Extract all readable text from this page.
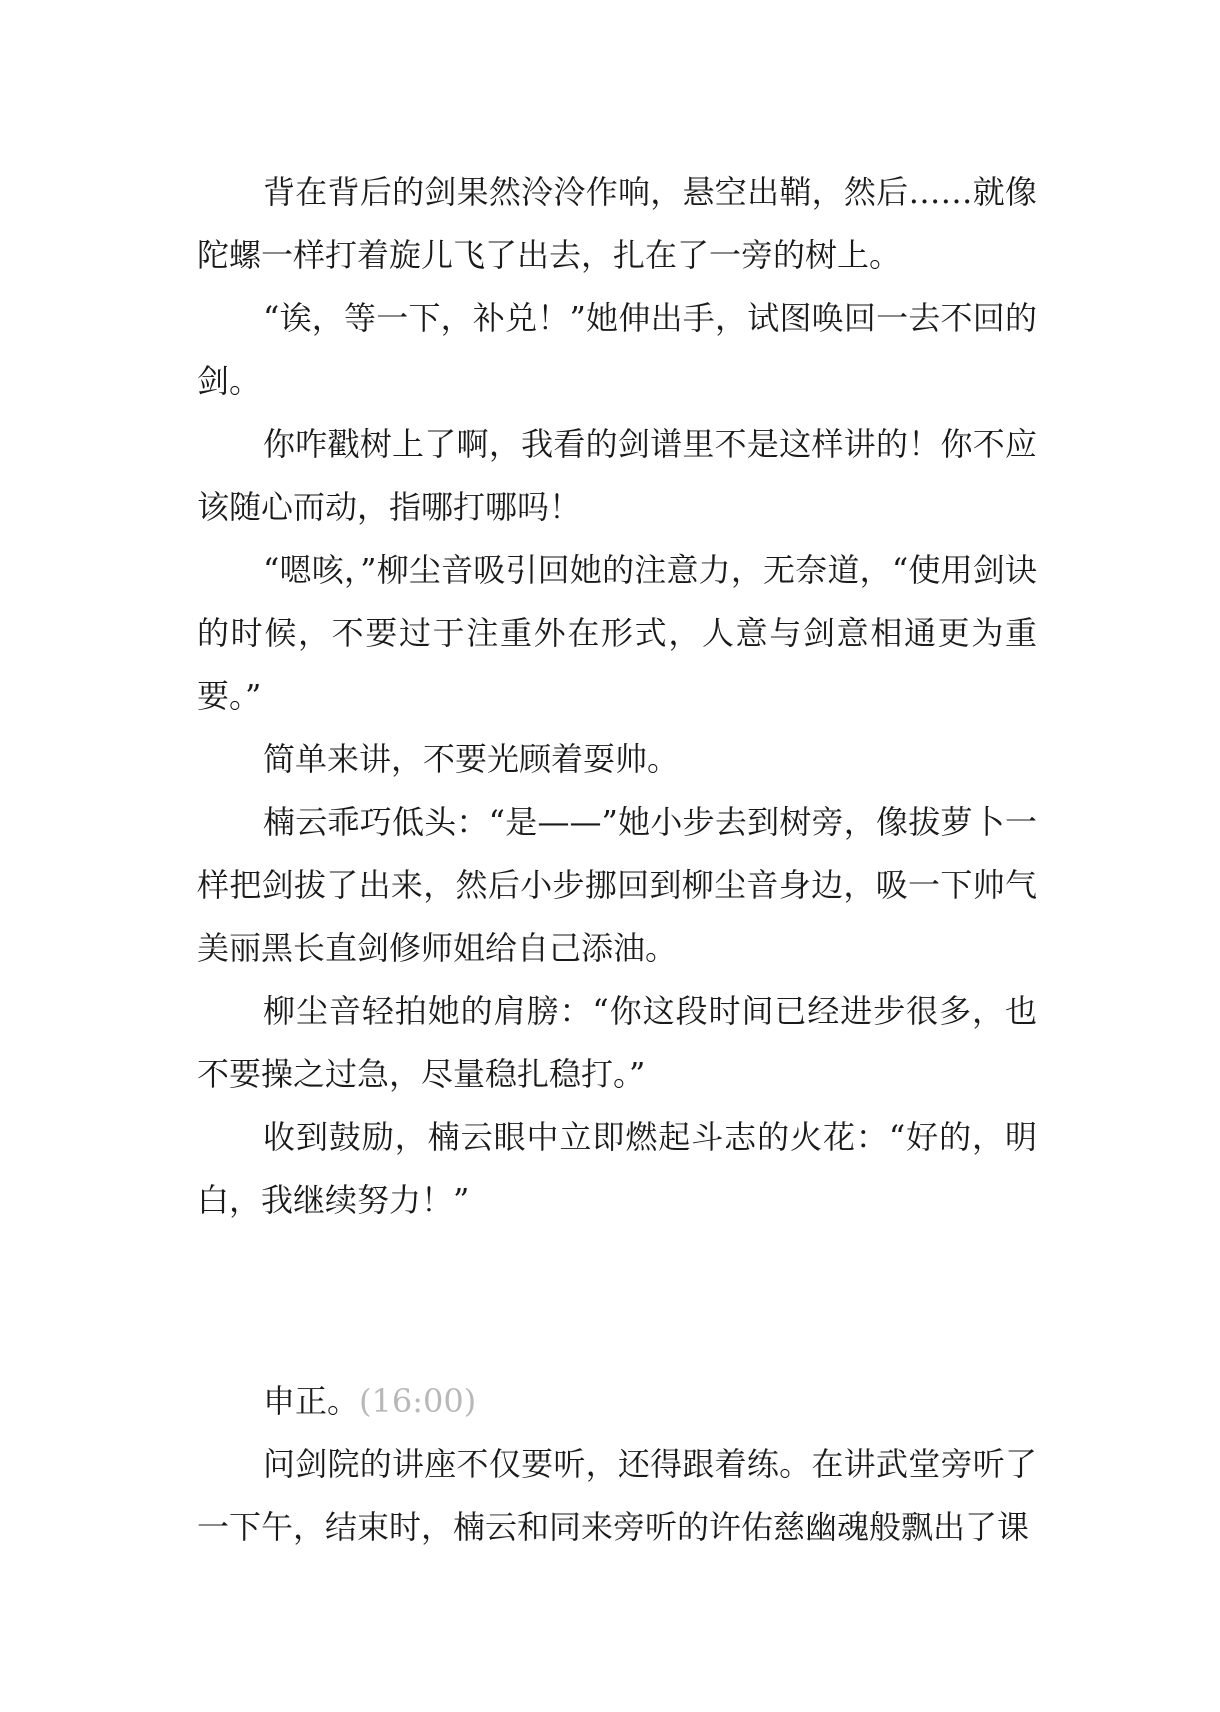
背在背后的剑果然泠泠作响，悬空出鞘，然后……就像陀螺一样打着旋儿飞了出去，扎在了一旁的树上。

“诶，等一下，补兑！”她伸出手，试图唤回一去不回的剑。

你咋戳树上了啊，我看的剑谱里不是这样讲的！你不应该随心而动，指哪打哪吗！

“嗯咳，”柳尘音吸引回她的注意力，无奈道，“使用剑诀的时候，不要过于注重外在形式，人意与剑意相通更为重要。”

简单来讲，不要光顾着耍帅。

楠云乖巧低头：“是——”她小步去到树旁，像拔萝卜一样把剑拔了出来，然后小步挪回到柳尘音身边，吸一下帅气美丽黑长直剑修师姐给自己添油。

柳尘音轻拍她的肩膀：“你这段时间已经进步很多，也不要操之过急，尽量稳扎稳打。”

收到鼓励，楠云眼中立即燃起斗志的火花：“好的，明白，我继续努力！”

申正。(16:00)

问剑院的讲座不仅要听，还得跟着练。在讲武堂旁听了一下午，结束时，楠云和同来旁听的许佑慈幽魂般飘出了课
